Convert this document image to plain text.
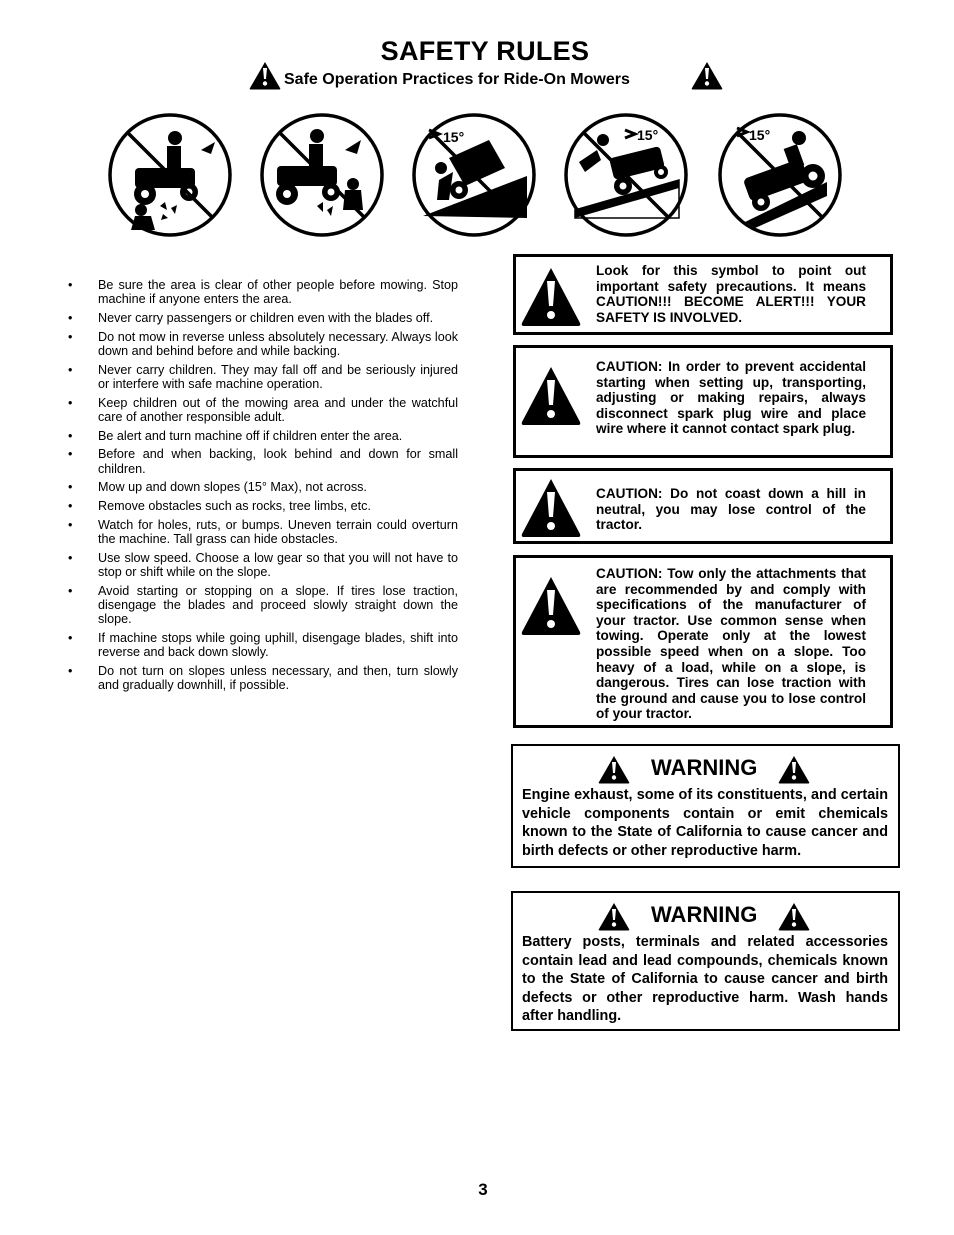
SAFETY RULES
Safe Operation Practices for Ride-On Mowers
15°	15°	15°
• Be sure the area is clear of other people before mowing. Stop machine if anyone enters the area.
• Never carry passengers or children even with the blades off.
• Do not mow in reverse unless absolutely necessary. Always look down and behind before and while backing.
• Never carry children. They may fall off and be seriously injured or interfere with safe machine operation.
• Keep children out of the mowing area and under the watchful care of another responsible adult.
• Be alert and turn machine off if children enter the area.
• Before and when backing, look behind and down for small children.
• Mow up and down slopes (15° Max), not across.
• Remove obstacles such as rocks, tree limbs, etc.
• Watch for holes, ruts, or bumps. Uneven terrain could overturn the machine. Tall grass can hide obstacles.
• Use slow speed. Choose a low gear so that you will not have to stop or shift while on the slope.
• Avoid starting or stopping on a slope. If tires lose traction, disengage the blades and proceed slowly straight down the slope.
• If machine stops while going uphill, disengage blades, shift into reverse and back down slowly.
• Do not turn on slopes unless necessary, and then, turn slowly and gradually downhill, if possible.
Look for this symbol to point out important safety precautions. It means CAUTION!!! BECOME ALERT!!! YOUR SAFETY IS INVOLVED.
CAUTION: In order to prevent accidental starting when setting up, transporting, adjusting or making repairs, always disconnect spark plug wire and place wire where it cannot contact spark plug.
CAUTION: Do not coast down a hill in neutral, you may lose control of the tractor.
CAUTION: Tow only the attachments that are recommended by and comply with specifications of the manufacturer of your tractor. Use common sense when towing. Operate only at the lowest possible speed when on a slope. Too heavy of a load, while on a slope, is dangerous. Tires can lose traction with the ground and cause you to lose control of your tractor.
WARNING
Engine exhaust, some of its constituents, and certain vehicle components contain or emit chemicals known to the State of California to cause cancer and birth defects or other reproductive harm.
WARNING
Battery posts, terminals and related accessories contain lead and lead compounds, chemicals known to the State of California to cause cancer and birth defects or other reproductive harm. Wash hands after handling.
3
